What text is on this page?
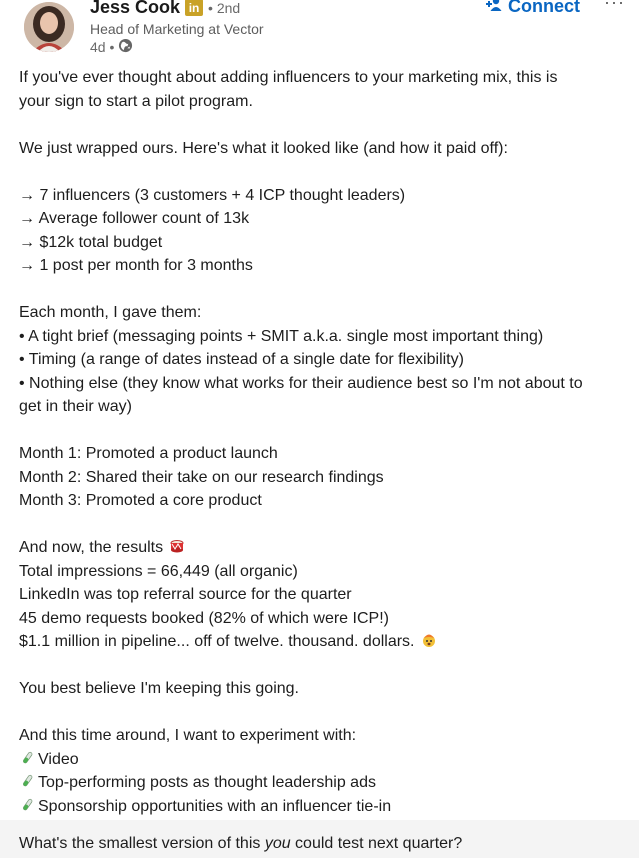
Jess Cook in • 2nd
Head of Marketing at Vector
4d •
Connect ···
If you've ever thought about adding influencers to your marketing mix, this is
your sign to start a pilot program.
We just wrapped ours. Here's what it looked like (and how it paid off):
→ 7 influencers (3 customers + 4 ICP thought leaders)
→ Average follower count of 13k
→ $12k total budget
→ 1 post per month for 3 months
Each month, I gave them:
• A tight brief (messaging points + SMIT a.k.a. single most important thing)
• Timing (a range of dates instead of a single date for flexibility)
• Nothing else (they know what works for their audience best so I'm not about to
get in their way)
Month 1: Promoted a product launch
Month 2: Shared their take on our research findings
Month 3: Promoted a core product
And now, the results
Total impressions = 66,449 (all organic)
LinkedIn was top referral source for the quarter
45 demo requests booked (82% of which were ICP!)
$1.1 million in pipeline... off of twelve. thousand. dollars.
You best believe I'm keeping this going.
And this time around, I want to experiment with:
Video
Top-performing posts as thought leadership ads
Sponsorship opportunities with an influencer tie-in
What's the smallest version of this you could test next quarter?
